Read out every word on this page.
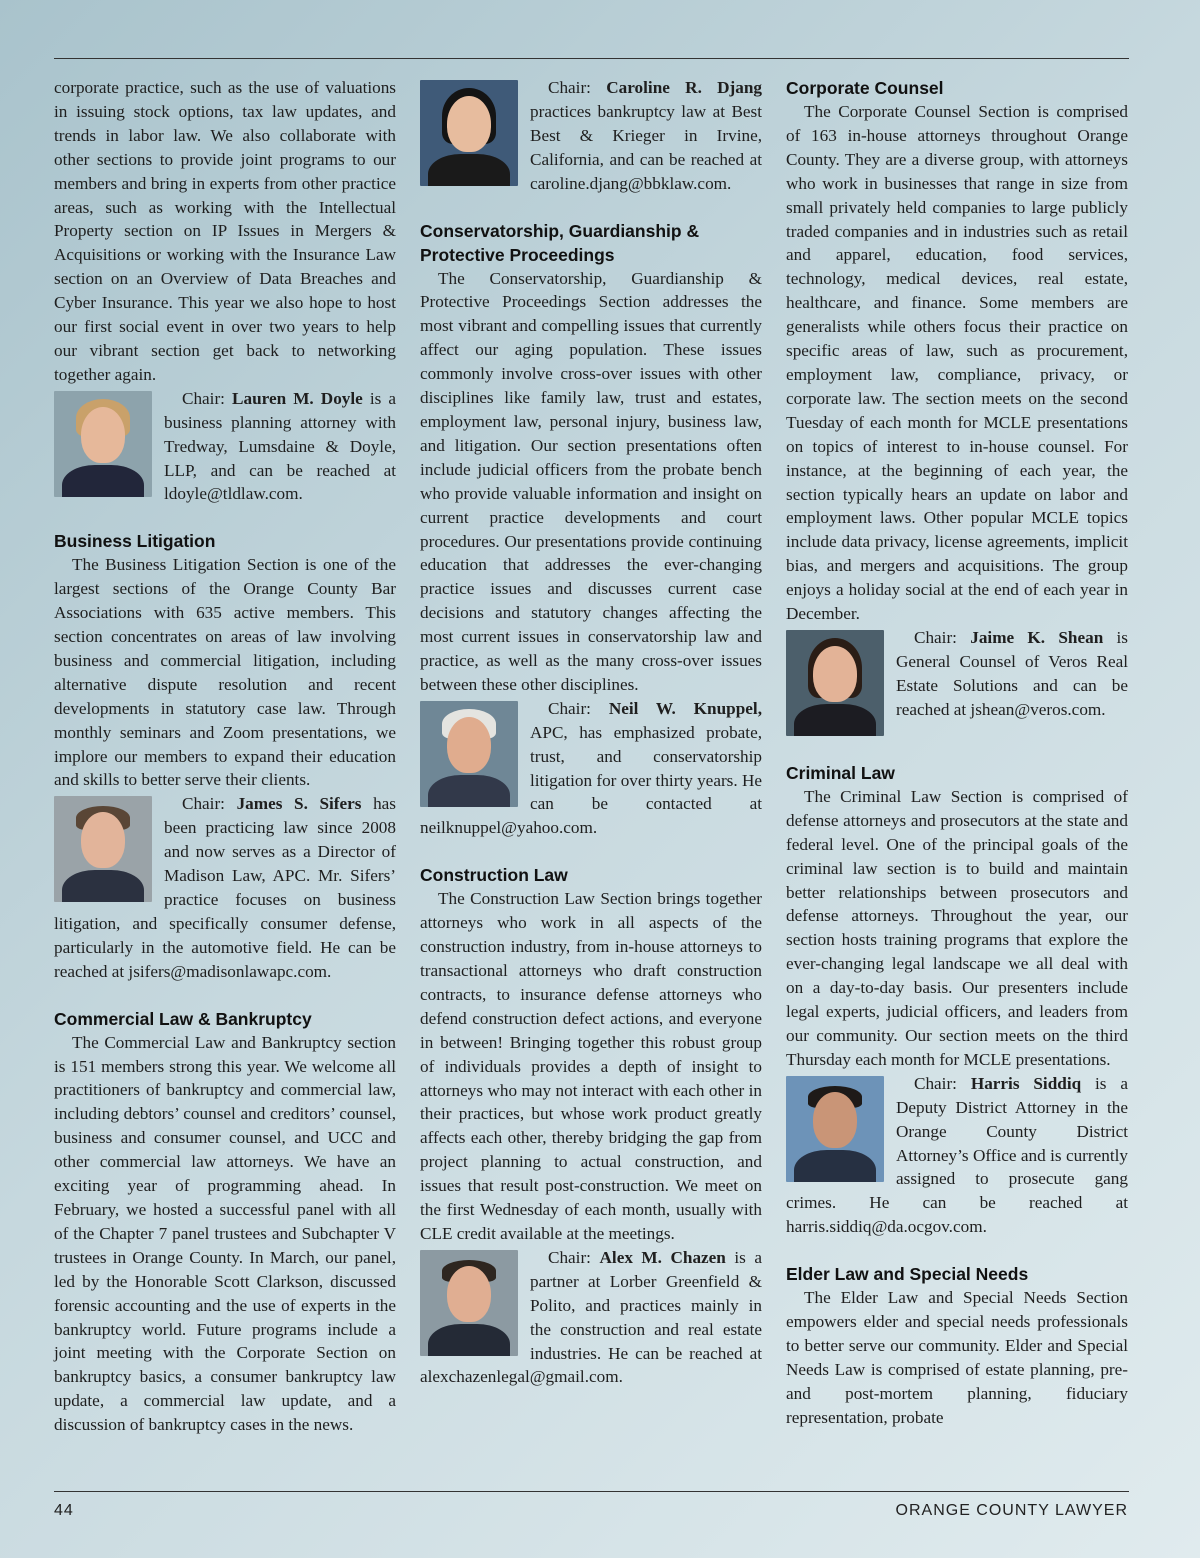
corporate practice, such as the use of valuations in issuing stock options, tax law updates, and trends in labor law. We also collaborate with other sections to provide joint programs to our members and bring in experts from other practice areas, such as working with the Intellectual Property section on IP Issues in Mergers & Acquisitions or working with the Insurance Law section on an Overview of Data Breaches and Cyber Insurance. This year we also hope to host our first social event in over two years to help our vibrant section get back to networking together again.

Chair: Lauren M. Doyle is a business planning attorney with Tredway, Lumsdaine & Doyle, LLP, and can be reached at ldoyle@tldlaw.com.

Business Litigation

The Business Litigation Section is one of the largest sections of the Orange County Bar Associations with 635 active members. This section concentrates on areas of law involving business and commercial litigation, including alternative dispute resolution and recent developments in statutory case law. Through monthly seminars and Zoom presentations, we implore our members to expand their education and skills to better serve their clients.

Chair: James S. Sifers has been practicing law since 2008 and now serves as a Director of Madison Law, APC. Mr. Sifers’ practice focuses on business litigation, and specifically consumer defense, particularly in the automotive field. He can be reached at jsifers@madisonlawapc.com.

Commercial Law & Bankruptcy

The Commercial Law and Bankruptcy section is 151 members strong this year. We welcome all practitioners of bankruptcy and commercial law, including debtors’ counsel and creditors’ counsel, business and consumer counsel, and UCC and other commercial law attorneys. We have an exciting year of programming ahead. In February, we hosted a successful panel with all of the Chapter 7 panel trustees and Subchapter V trustees in Orange County. In March, our panel, led by the Honorable Scott Clarkson, discussed forensic accounting and the use of experts in the bankruptcy world. Future programs include a joint meeting with the Corporate Section on bankruptcy basics, a consumer bankruptcy law update, a commercial law update, and a discussion of bankruptcy cases in the news.

Chair: Caroline R. Djang practices bankruptcy law at Best Best & Krieger in Irvine, California, and can be reached at caroline.djang@bbklaw.com.

Conservatorship, Guardianship & Protective Proceedings

The Conservatorship, Guardianship & Protective Proceedings Section addresses the most vibrant and compelling issues that currently affect our aging population. These issues commonly involve cross-over issues with other disciplines like family law, trust and estates, employment law, personal injury, business law, and litigation. Our section presentations often include judicial officers from the probate bench who provide valuable information and insight on current practice developments and court procedures. Our presentations provide continuing education that addresses the ever-changing practice issues and discusses current case decisions and statutory changes affecting the most current issues in conservatorship law and practice, as well as the many cross-over issues between these other disciplines.

Chair: Neil W. Knuppel, APC, has emphasized probate, trust, and conservatorship litigation for over thirty years. He can be contacted at neilknuppel@yahoo.com.

Construction Law

The Construction Law Section brings together attorneys who work in all aspects of the construction industry, from in-house attorneys to transactional attorneys who draft construction contracts, to insurance defense attorneys who defend construction defect actions, and everyone in between! Bringing together this robust group of individuals provides a depth of insight to attorneys who may not interact with each other in their practices, but whose work product greatly affects each other, thereby bridging the gap from project planning to actual construction, and issues that result post-construction. We meet on the first Wednesday of each month, usually with CLE credit available at the meetings.

Chair: Alex M. Chazen is a partner at Lorber Greenfield & Polito, and practices mainly in the construction and real estate industries. He can be reached at alexchazenlegal@gmail.com.

Corporate Counsel

The Corporate Counsel Section is comprised of 163 in-house attorneys throughout Orange County. They are a diverse group, with attorneys who work in businesses that range in size from small privately held companies to large publicly traded companies and in industries such as retail and apparel, education, food services, technology, medical devices, real estate, healthcare, and finance. Some members are generalists while others focus their practice on specific areas of law, such as procurement, employment law, compliance, privacy, or corporate law. The section meets on the second Tuesday of each month for MCLE presentations on topics of interest to in-house counsel. For instance, at the beginning of each year, the section typically hears an update on labor and employment laws. Other popular MCLE topics include data privacy, license agreements, implicit bias, and mergers and acquisitions. The group enjoys a holiday social at the end of each year in December.

Chair: Jaime K. Shean is General Counsel of Veros Real Estate Solutions and can be reached at jshean@veros.com.

Criminal Law

The Criminal Law Section is comprised of defense attorneys and prosecutors at the state and federal level. One of the principal goals of the criminal law section is to build and maintain better relationships between prosecutors and defense attorneys. Throughout the year, our section hosts training programs that explore the ever-changing legal landscape we all deal with on a day-to-day basis. Our presenters include legal experts, judicial officers, and leaders from our community. Our section meets on the third Thursday each month for MCLE presentations.

Chair: Harris Siddiq is a Deputy District Attorney in the Orange County District Attorney’s Office and is currently assigned to prosecute gang crimes. He can be reached at harris.siddiq@da.ocgov.com.

Elder Law and Special Needs

The Elder Law and Special Needs Section empowers elder and special needs professionals to better serve our community. Elder and Special Needs Law is comprised of estate planning, pre-and post-mortem planning, fiduciary representation, probate

44	ORANGE COUNTY LAWYER
